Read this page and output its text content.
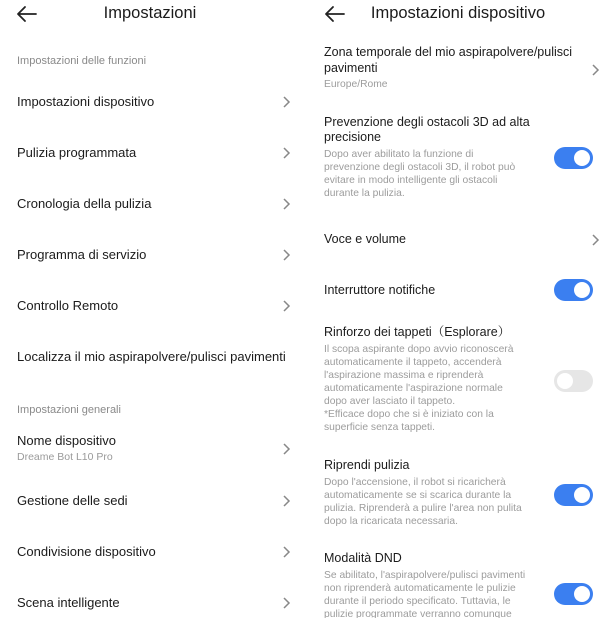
Impostazioni
Impostazioni delle funzioni
Impostazioni dispositivo
Pulizia programmata
Cronologia della pulizia
Programma di servizio
Controllo Remoto
Localizza il mio aspirapolvere/pulisci pavimenti
Impostazioni generali
Nome dispositivo
Dreame Bot L10 Pro
Gestione delle sedi
Condivisione dispositivo
Scena intelligente
Impostazioni dispositivo
Zona temporale del mio aspirapolvere/pulisci
pavimenti
Europe/Rome
Prevenzione degli ostacoli 3D ad alta
precisione
Dopo aver abilitato la funzione di
prevenzione degli ostacoli 3D, il robot può
evitare in modo intelligente gli ostacoli
durante la pulizia.
Voce e volume
Interruttore notifiche
Rinforzo dei tappeti（Esplorare）
Il scopa aspirante dopo avvio riconoscerà
automaticamente il tappeto, accenderà
l'aspirazione massima e riprenderà
automaticamente l'aspirazione normale
dopo aver lasciato il tappeto.
*Efficace dopo che si è iniziato con la
superficie senza tappeti.
Riprendi pulizia
Dopo l'accensione, il robot si ricaricherà
automaticamente se si scarica durante la
pulizia. Riprenderà a pulire l'area non pulita
dopo la ricaricata necessaria.
Modalità DND
Se abilitato, l'aspirapolvere/pulisci pavimenti
non riprenderà automaticamente le pulizie
durante il periodo specificato. Tuttavia, le
pulizie programmate verranno comunque
